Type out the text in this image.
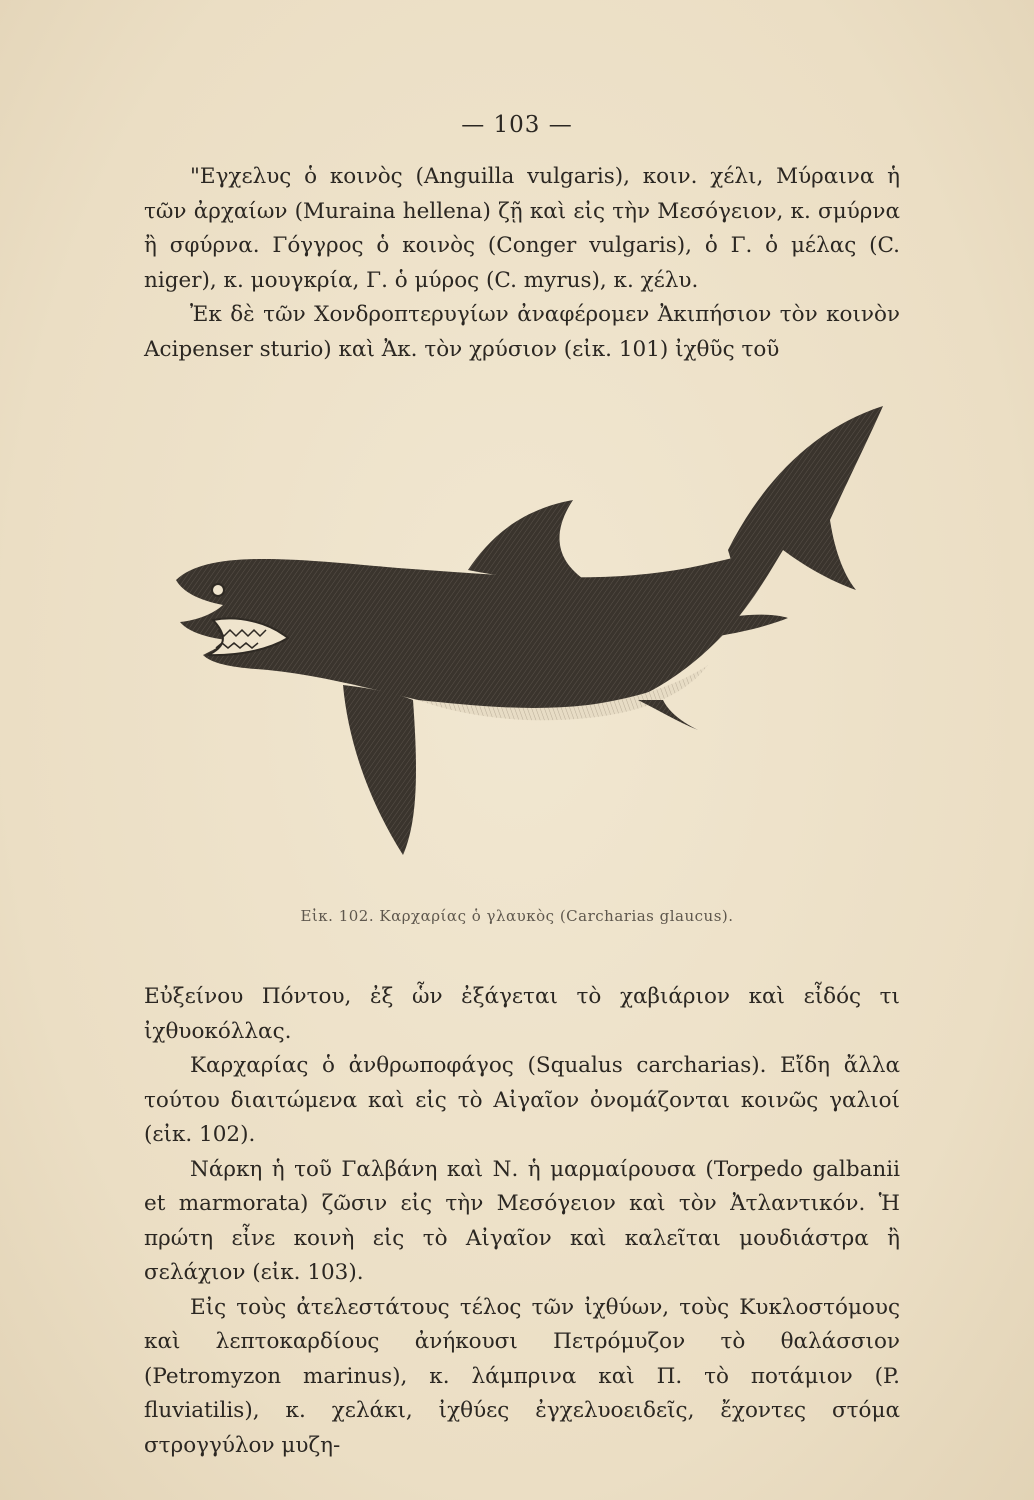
— 103 —

"Εγχελυς ὁ κοινὸς (Anguilla vulgaris), κοιν. χέλι, Μύραινα ἡ τῶν ἀρχαίων (Muraina hellena) ζῇ καὶ εἰς τὴν Μεσόγειον, κ. σμύρνα ἢ σφύρνα. Γόγγρος ὁ κοινὸς (Conger vulgaris), ὁ Γ. ὁ μέλας (C. niger), κ. μουγκρία, Γ. ὁ μύρος (C. myrus), κ. χέλυ.

Ἐκ δὲ τῶν Χονδροπτερυγίων ἀναφέρομεν Ἀκιπήσιον τὸν κοινὸν Acipenser sturio) καὶ Ἀκ. τὸν χρύσιον (εἰκ. 101) ἰχθῦς τοῦ

Εἰκ. 102. Καρχαρίας ὁ γλαυκὸς (Carcharias glaucus).

Εὐξείνου Πόντου, ἐξ ὧν ἐξάγεται τὸ χαβιάριον καὶ εἶδός τι ἰχθυοκόλλας.

Καρχαρίας ὁ ἀνθρωποφάγος (Squalus carcharias). Εἴδη ἄλλα τούτου διαιτώμενα καὶ εἰς τὸ Αἰγαῖον ὀνομάζονται κοινῶς γαλιοί (εἰκ. 102).

Νάρκη ἡ τοῦ Γαλβάνη καὶ Ν. ἡ μαρμαίρουσα (Torpedo galbanii et marmorata) ζῶσιν εἰς τὴν Μεσόγειον καὶ τὸν Ἀτλαντικόν. Ἡ πρώτη εἶνε κοινὴ εἰς τὸ Αἰγαῖον καὶ καλεῖται μουδιάστρα ἢ σελάχιον (εἰκ. 103).

Εἰς τοὺς ἀτελεστάτους τέλος τῶν ἰχθύων, τοὺς Κυκλοστόμους καὶ λεπτοκαρδίους ἀνήκουσι Πετρόμυζον τὸ θαλάσσιον (Petromyzon marinus), κ. λάμπρινα καὶ Π. τὸ ποτάμιον (P. fluviatilis), κ. χελάκι, ἰχθύες ἐγχελυοειδεῖς, ἔχοντες στόμα στρογγύλον μυζη-
